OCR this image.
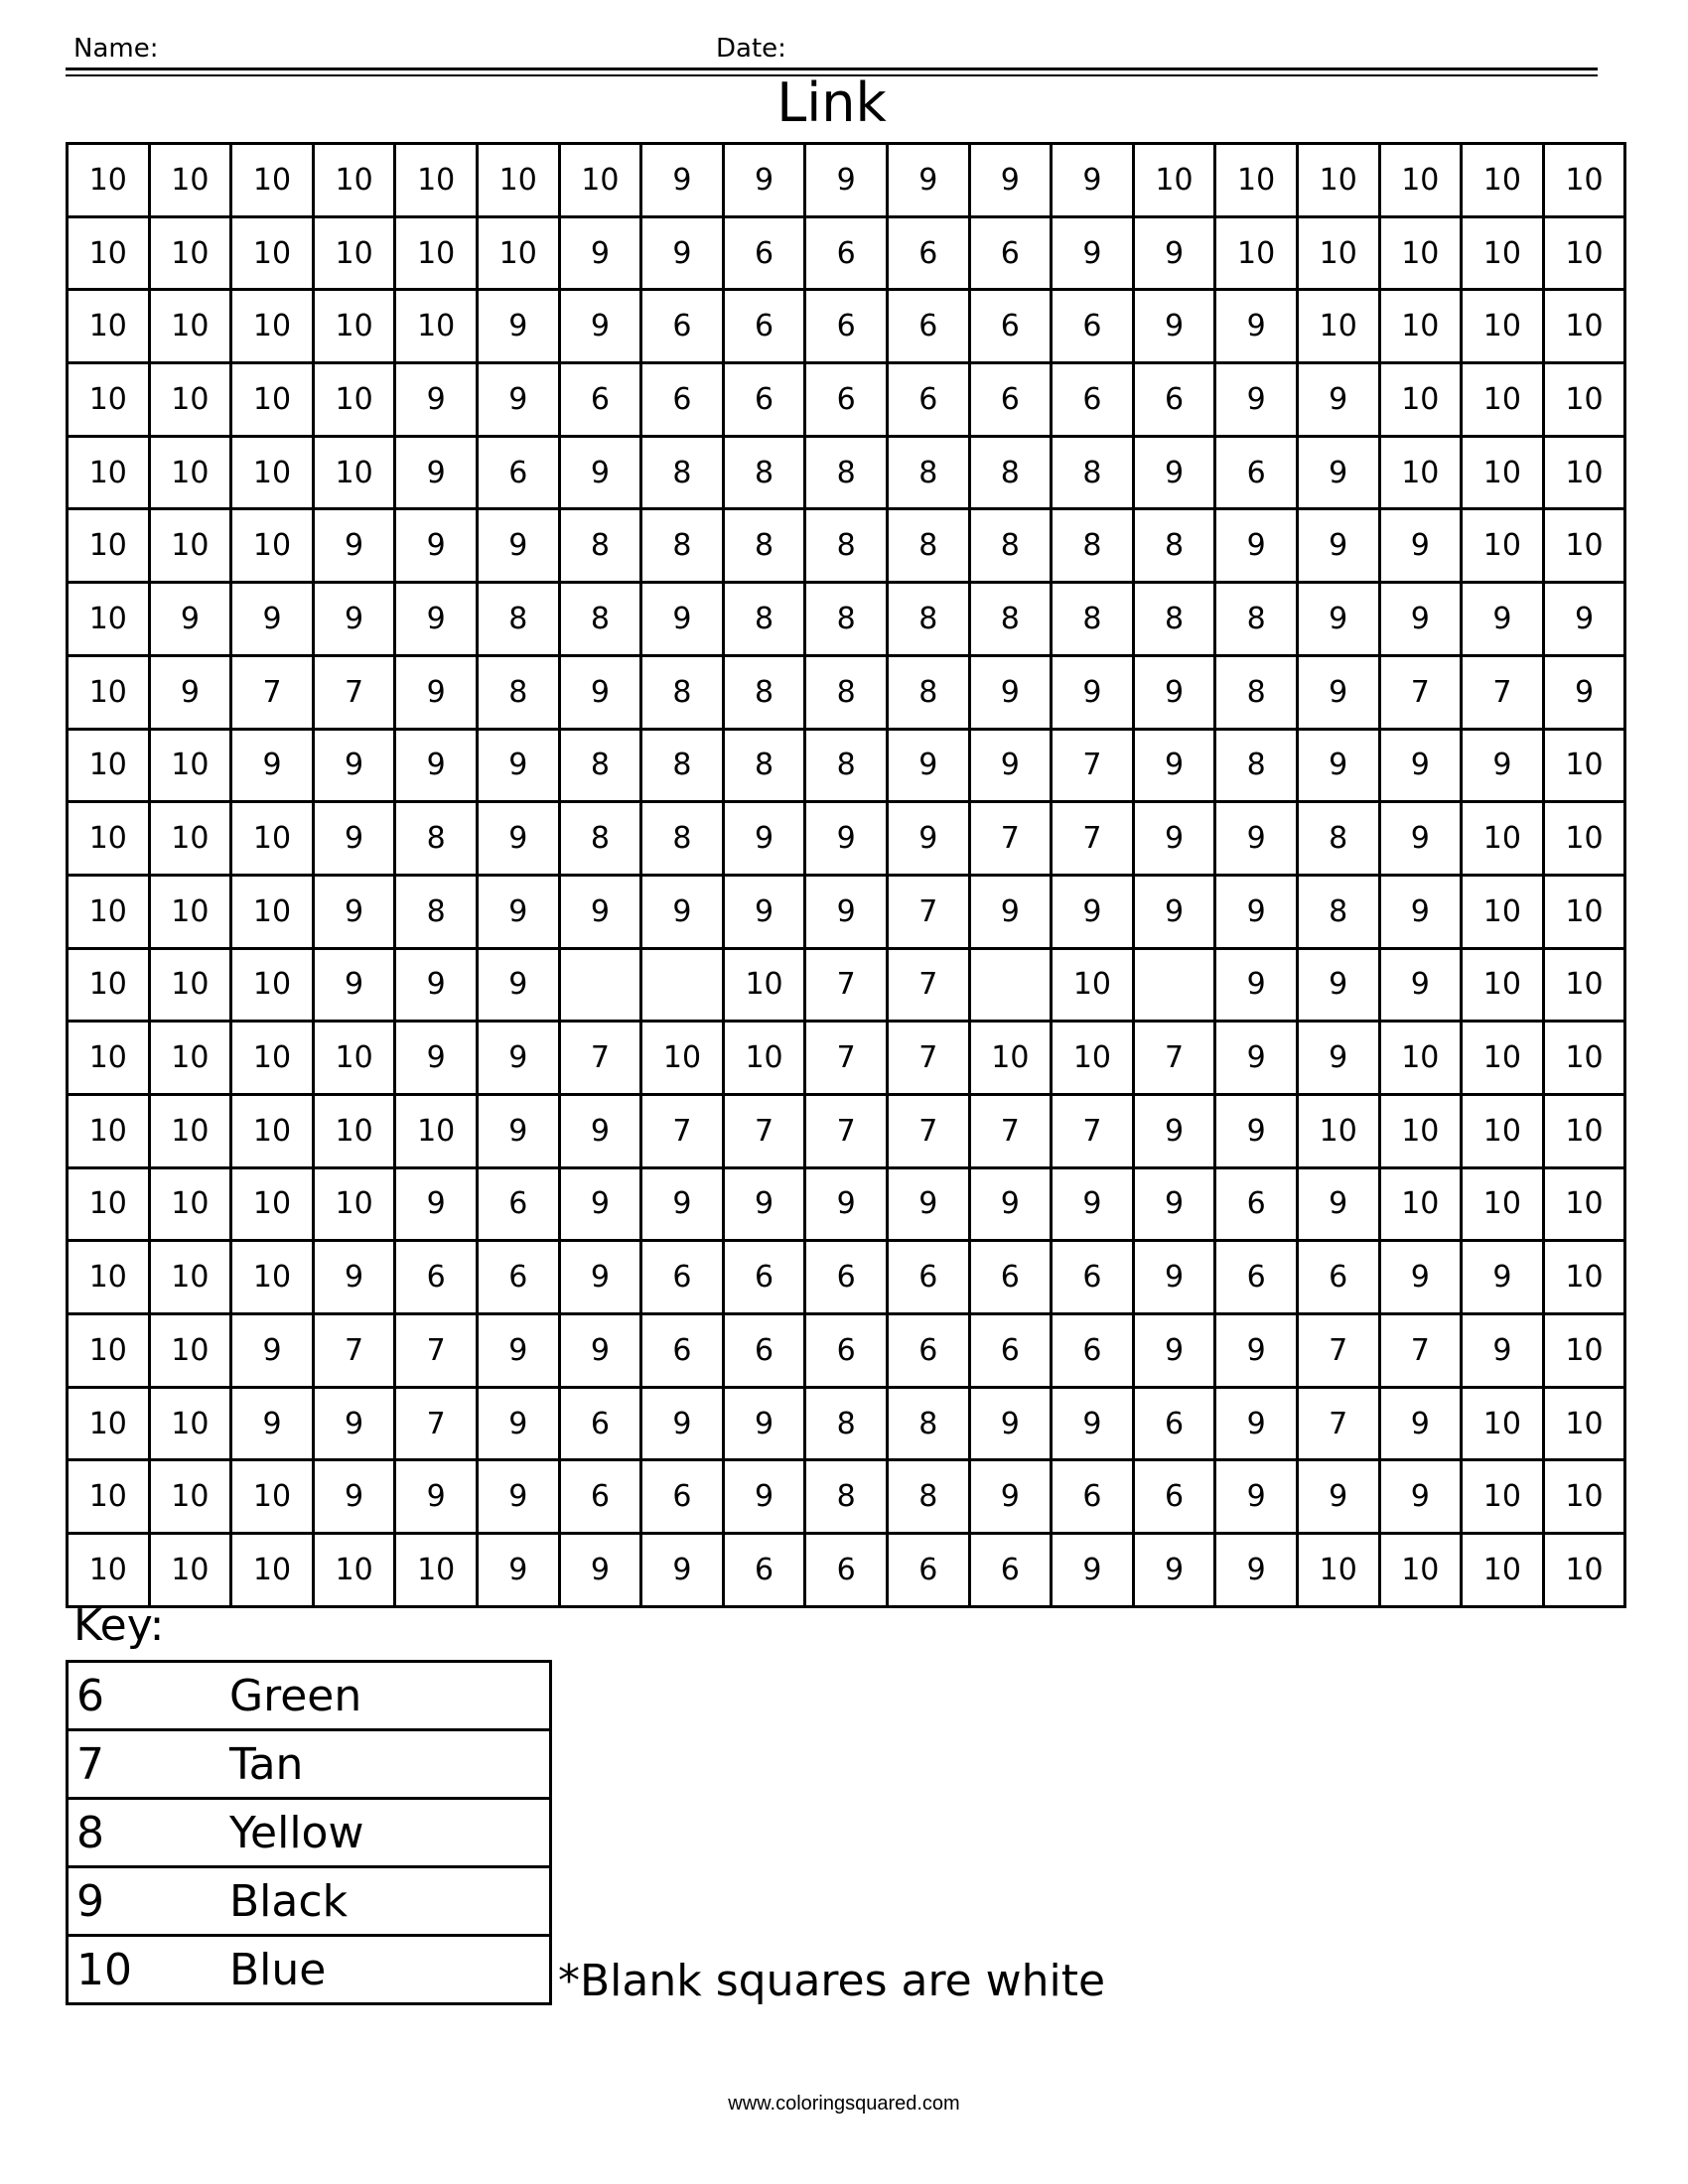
Name:	Date:
Link
10	10	10	10	10	10	10	9	9	9	9	9	9	10	10	10	10	10	10
10	10	10	10	10	10	9	9	6	6	6	6	9	9	10	10	10	10	10
10	10	10	10	10	9	9	6	6	6	6	6	6	9	9	10	10	10	10
10	10	10	10	9	9	6	6	6	6	6	6	6	6	9	9	10	10	10
10	10	10	10	9	6	9	8	8	8	8	8	8	9	6	9	10	10	10
10	10	10	9	9	9	8	8	8	8	8	8	8	8	9	9	9	10	10
10	9	9	9	9	8	8	9	8	8	8	8	8	8	8	9	9	9	9
10	9	7	7	9	8	9	8	8	8	8	9	9	9	8	9	7	7	9
10	10	9	9	9	9	8	8	8	8	9	9	7	9	8	9	9	9	10
10	10	10	9	8	9	8	8	9	9	9	7	7	9	9	8	9	10	10
10	10	10	9	8	9	9	9	9	9	7	9	9	9	9	8	9	10	10
10	10	10	9	9	9			10	7	7		10		9	9	9	10	10
10	10	10	10	9	9	7	10	10	7	7	10	10	7	9	9	10	10	10
10	10	10	10	10	9	9	7	7	7	7	7	7	9	9	10	10	10	10
10	10	10	10	9	6	9	9	9	9	9	9	9	9	6	9	10	10	10
10	10	10	9	6	6	9	6	6	6	6	6	6	9	6	6	9	9	10
10	10	9	7	7	9	9	6	6	6	6	6	6	9	9	7	7	9	10
10	10	9	9	7	9	6	9	9	8	8	9	9	6	9	7	9	10	10
10	10	10	9	9	9	6	6	9	8	8	9	6	6	9	9	9	10	10
10	10	10	10	10	9	9	9	6	6	6	6	9	9	9	10	10	10	10
Key:
6	Green
7	Tan
8	Yellow
9	Black
10	Blue	*Blank squares are white
www.coloringsquared.com
